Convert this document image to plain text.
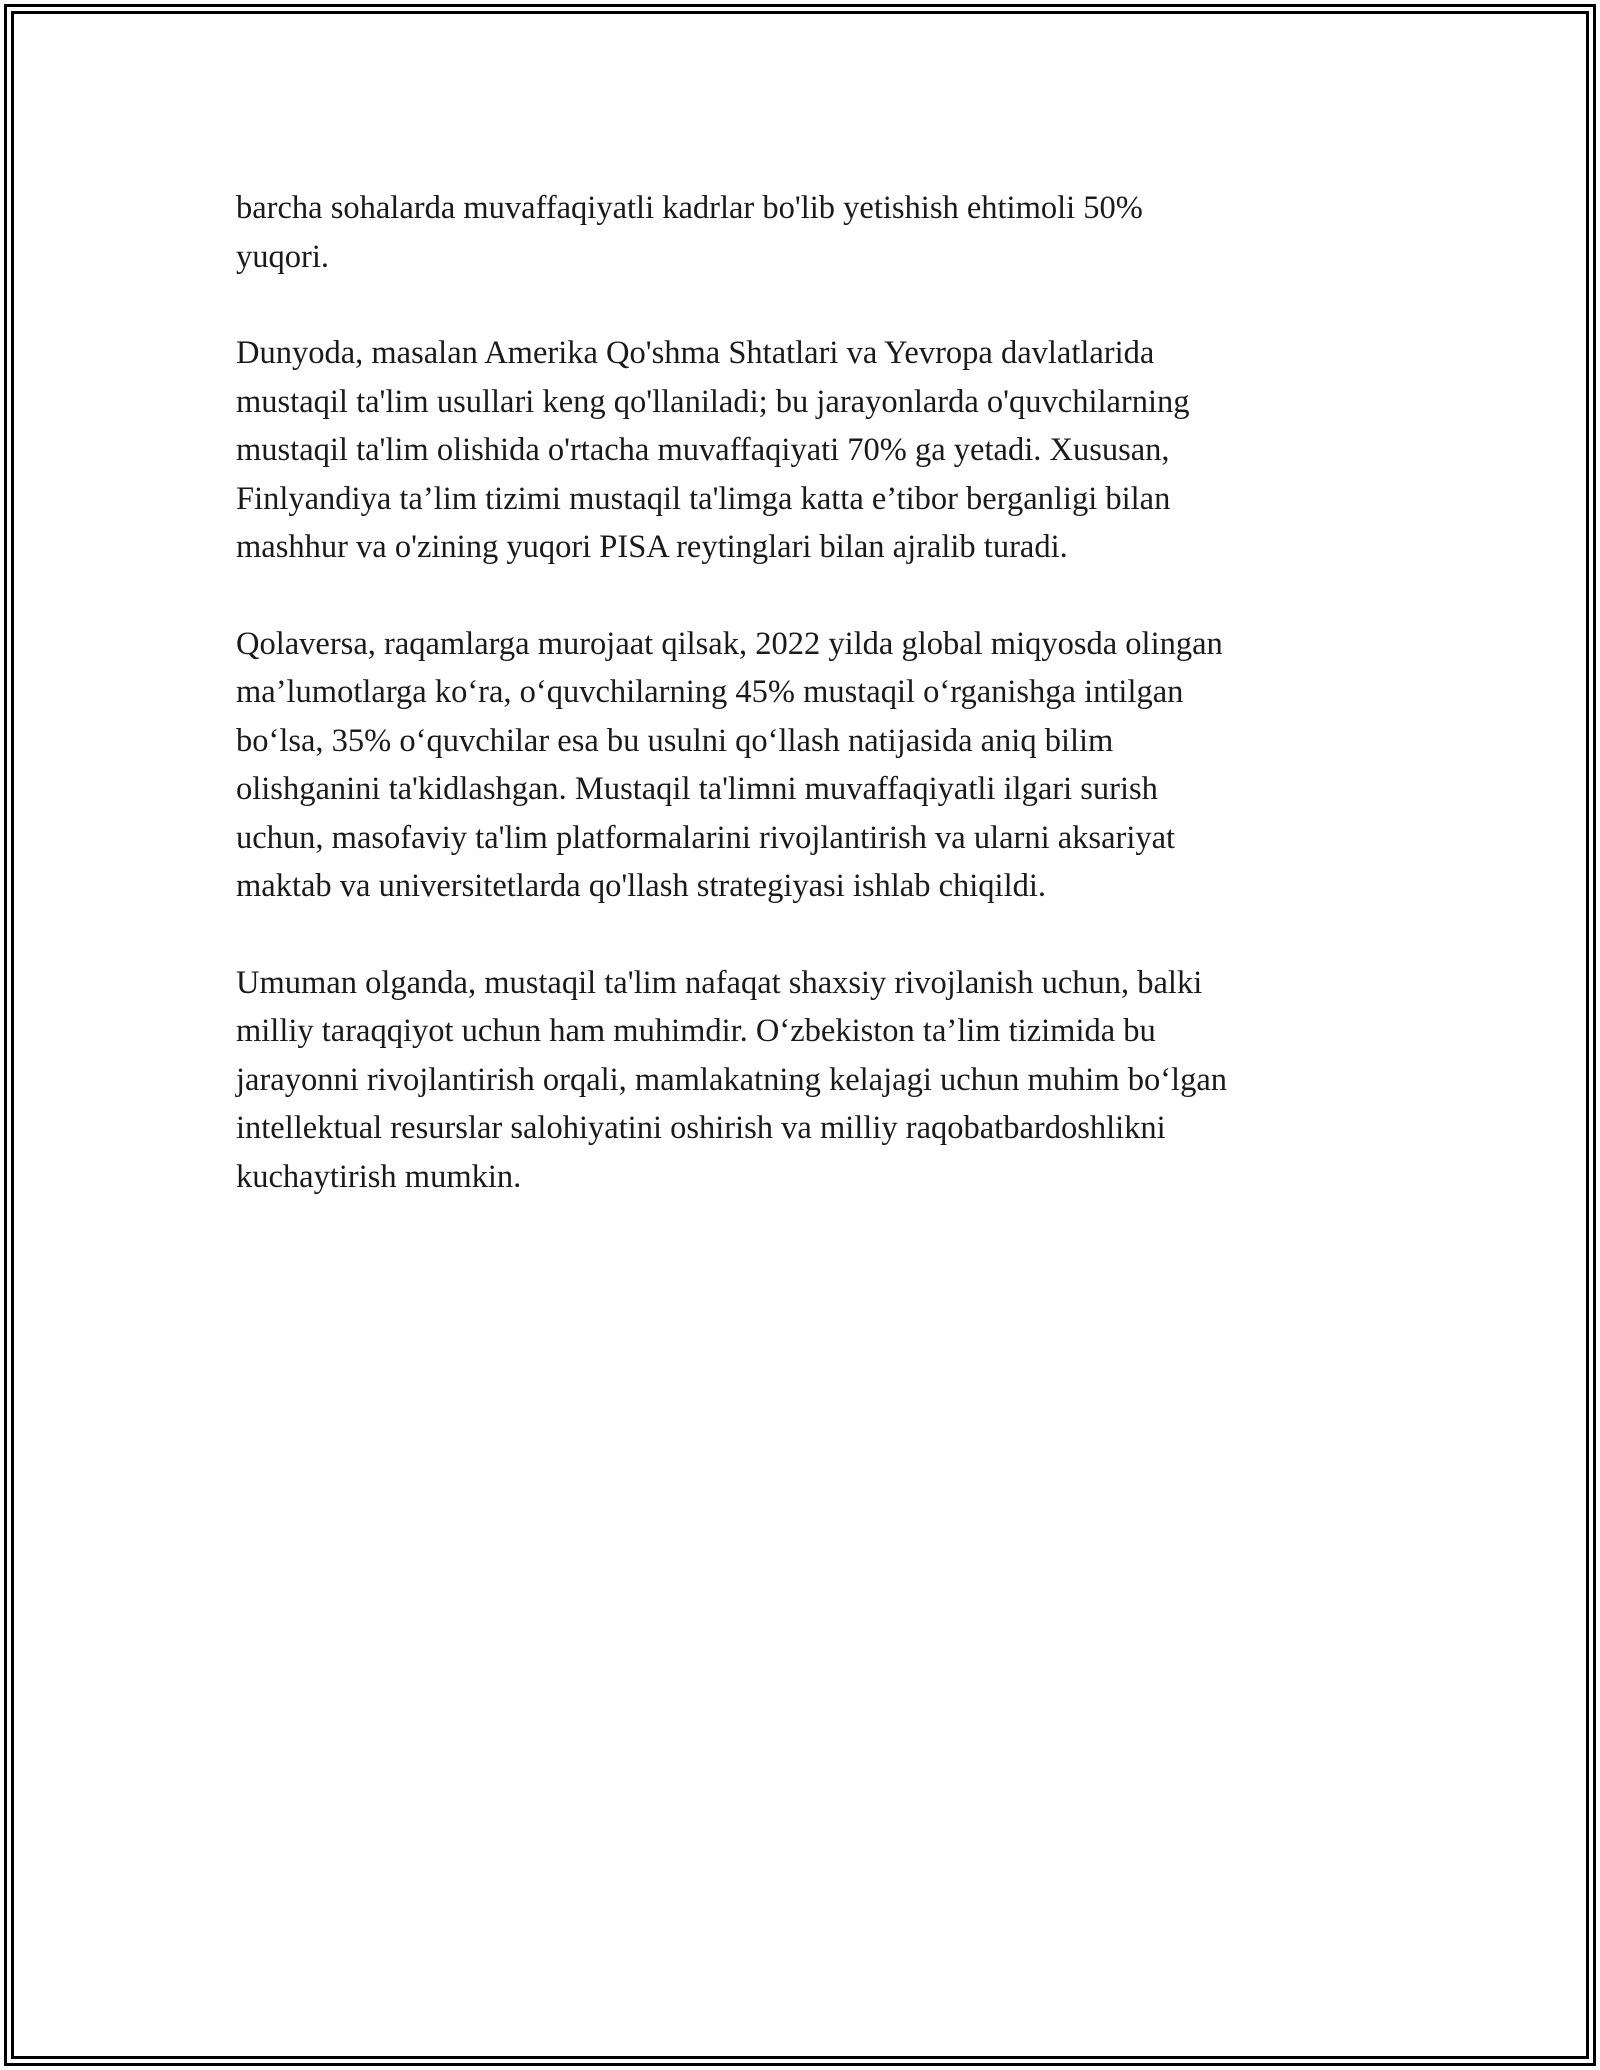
barcha sohalarda muvaffaqiyatli kadrlar bo'lib yetishish ehtimoli 50%
yuqori.

Dunyoda, masalan Amerika Qo'shma Shtatlari va Yevropa davlatlarida
mustaqil ta'lim usullari keng qo'llaniladi; bu jarayonlarda o'quvchilarning
mustaqil ta'lim olishida o'rtacha muvaffaqiyati 70% ga yetadi. Xususan,
Finlyandiya ta’lim tizimi mustaqil ta'limga katta e’tibor berganligi bilan
mashhur va o'zining yuqori PISA reytinglari bilan ajralib turadi.

Qolaversa, raqamlarga murojaat qilsak, 2022 yilda global miqyosda olingan
ma’lumotlarga ko‘ra, o‘quvchilarning 45% mustaqil o‘rganishga intilgan
bo‘lsa, 35% o‘quvchilar esa bu usulni qo‘llash natijasida aniq bilim
olishganini ta'kidlashgan. Mustaqil ta'limni muvaffaqiyatli ilgari surish
uchun, masofaviy ta'lim platformalarini rivojlantirish va ularni aksariyat
maktab va universitetlarda qo'llash strategiyasi ishlab chiqildi.

Umuman olganda, mustaqil ta'lim nafaqat shaxsiy rivojlanish uchun, balki
milliy taraqqiyot uchun ham muhimdir. O‘zbekiston ta’lim tizimida bu
jarayonni rivojlantirish orqali, mamlakatning kelajagi uchun muhim bo‘lgan
intellektual resurslar salohiyatini oshirish va milliy raqobatbardoshlikni
kuchaytirish mumkin.
